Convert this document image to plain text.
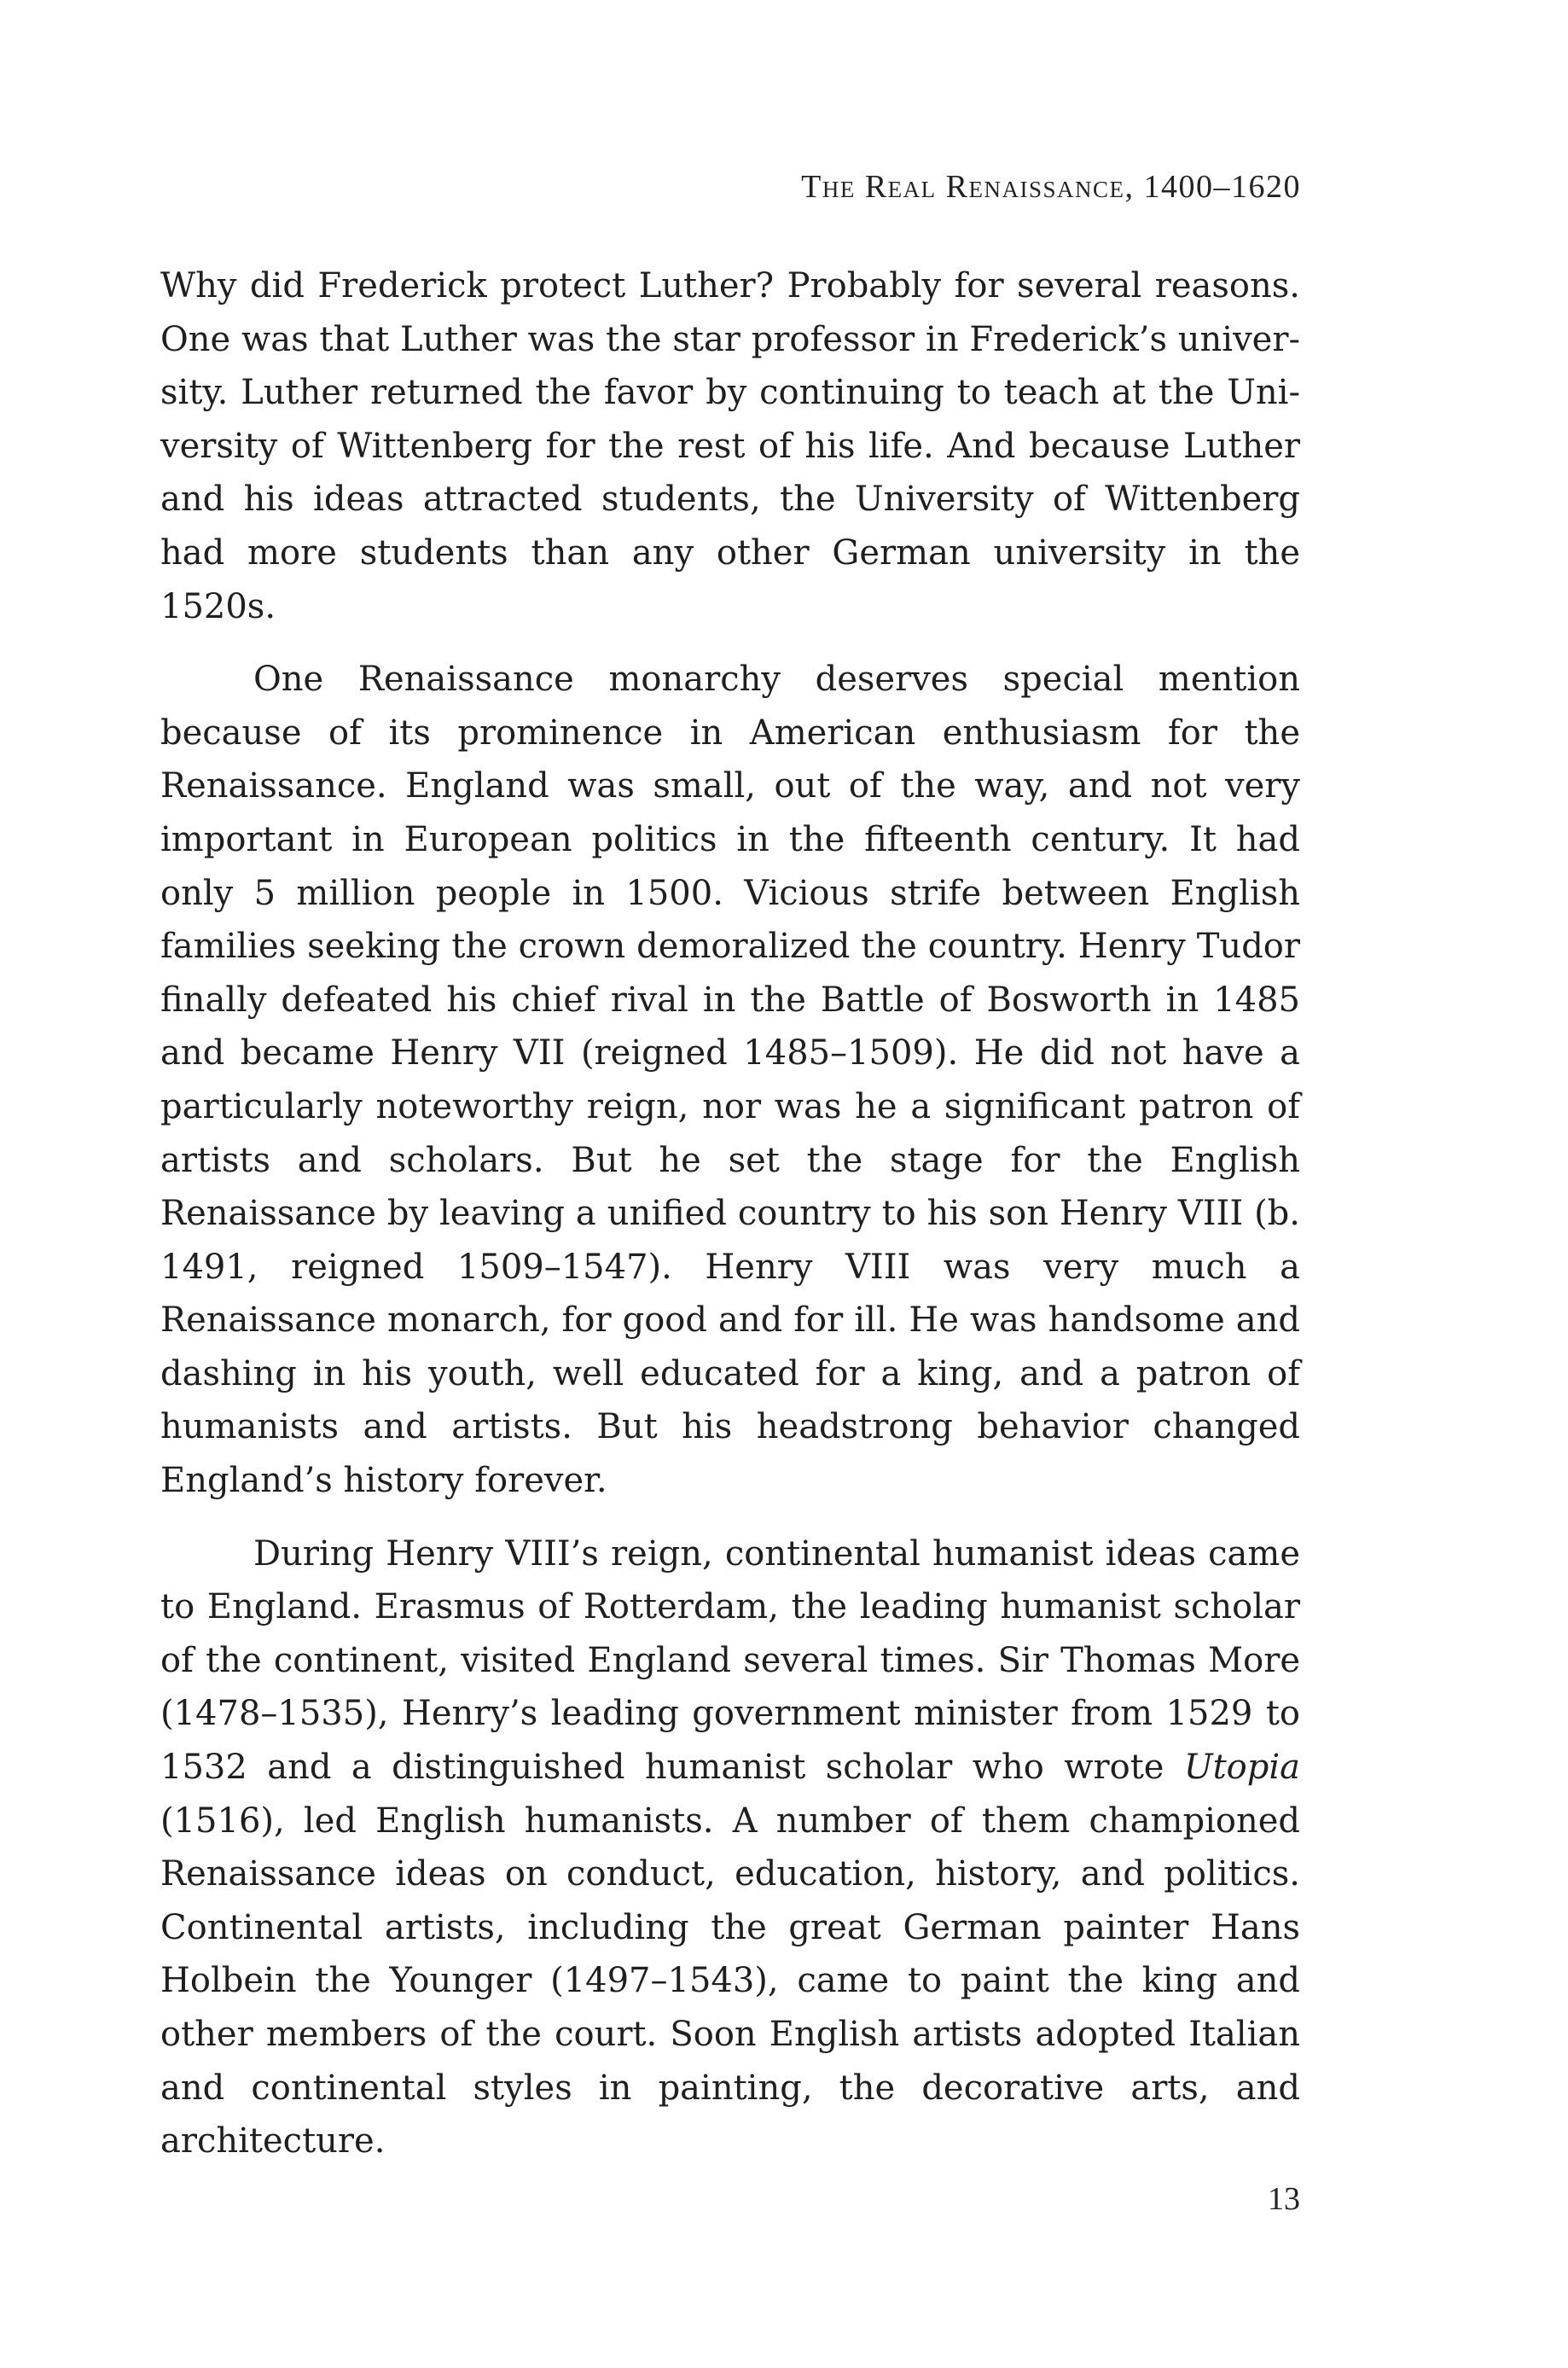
The Real Renaissance, 1400–1620

Why did Frederick protect Luther? Probably for several reasons. One was that Luther was the star professor in Frederick’s university. Luther returned the favor by continuing to teach at the University of Wittenberg for the rest of his life. And because Luther and his ideas attracted students, the University of Wittenberg had more students than any other German university in the 1520s.

One Renaissance monarchy deserves special mention because of its prominence in American enthusiasm for the Renaissance. England was small, out of the way, and not very important in European politics in the fifteenth century. It had only 5 million people in 1500. Vicious strife between English families seeking the crown demoralized the country. Henry Tudor finally defeated his chief rival in the Battle of Bosworth in 1485 and became Henry VII (reigned 1485–1509). He did not have a particularly noteworthy reign, nor was he a significant patron of artists and scholars. But he set the stage for the English Renaissance by leaving a unified country to his son Henry VIII (b. 1491, reigned 1509–1547). Henry VIII was very much a Renaissance monarch, for good and for ill. He was handsome and dashing in his youth, well educated for a king, and a patron of humanists and artists. But his headstrong behavior changed England’s history forever.

During Henry VIII’s reign, continental humanist ideas came to England. Erasmus of Rotterdam, the leading humanist scholar of the continent, visited England several times. Sir Thomas More (1478–1535), Henry’s leading government minister from 1529 to 1532 and a distinguished humanist scholar who wrote Utopia (1516), led English humanists. A number of them championed Renaissance ideas on conduct, education, history, and politics. Continental artists, including the great German painter Hans Holbein the Younger (1497–1543), came to paint the king and other members of the court. Soon English artists adopted Italian and continental styles in painting, the decorative arts, and architecture.

13
